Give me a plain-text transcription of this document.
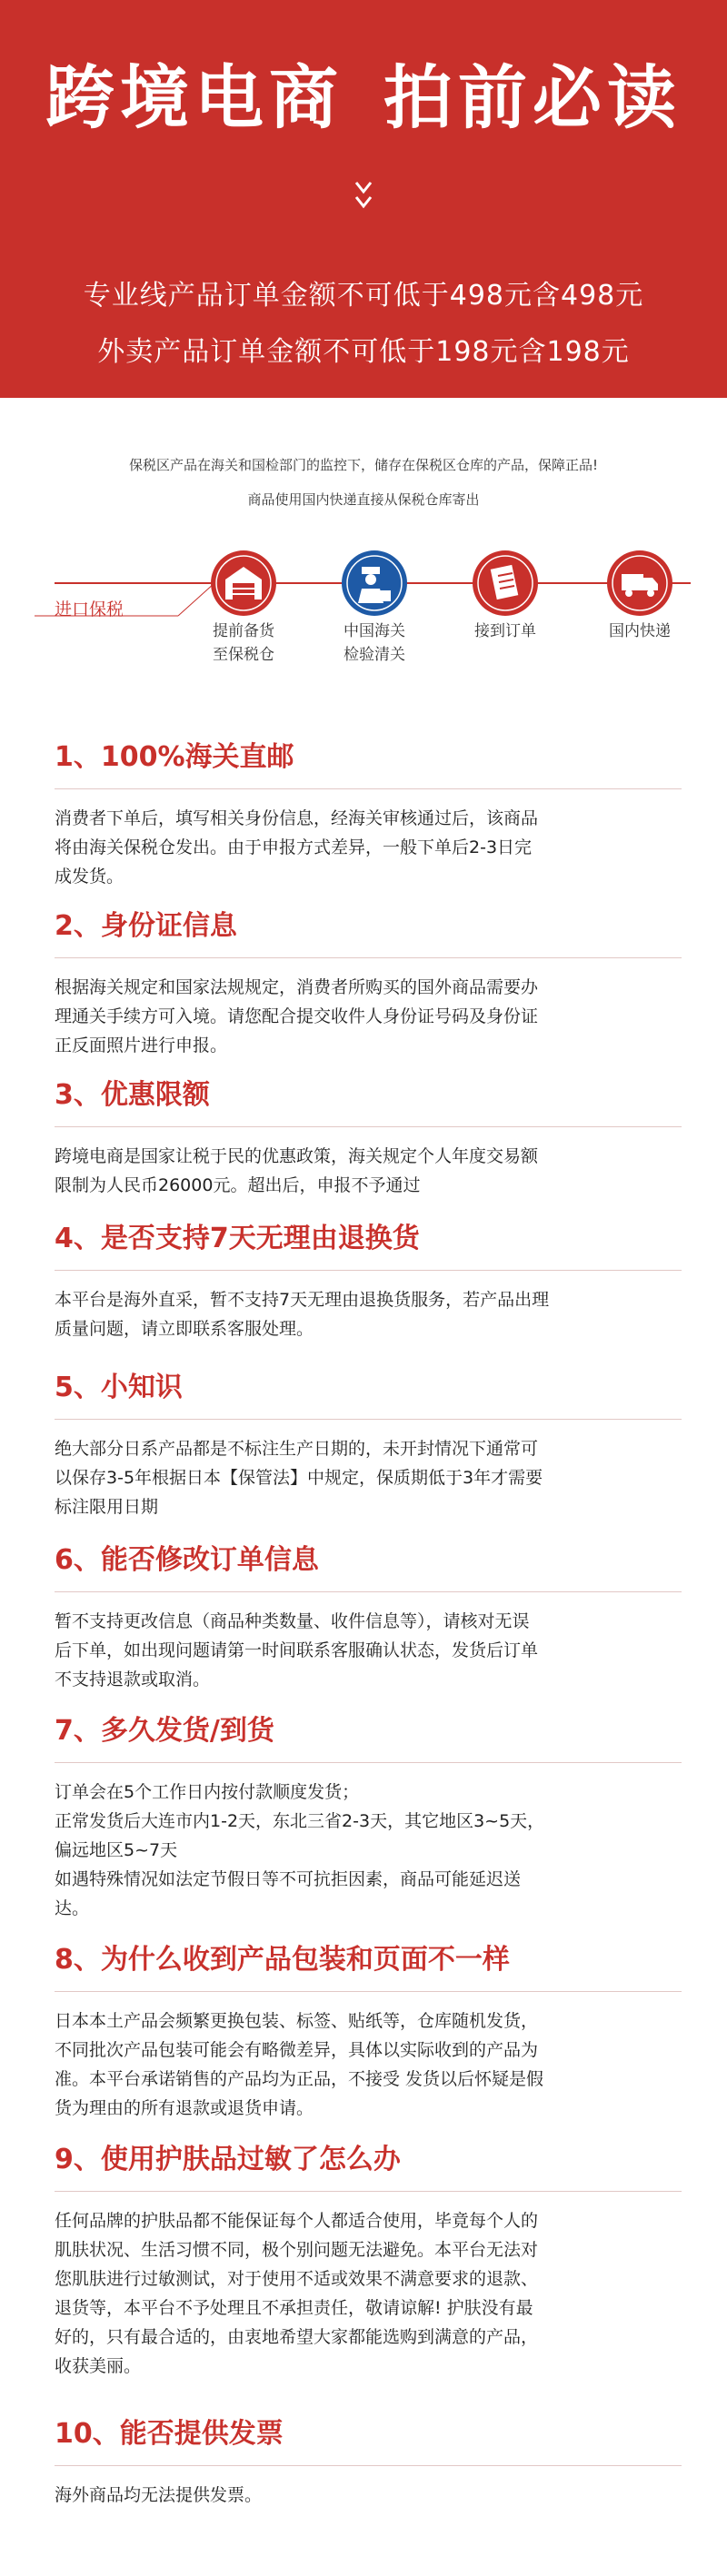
跨境电商 拍前必读
专业线产品订单金额不可低于498元含498元
外卖产品订单金额不可低于198元含198元
保税区产品在海关和国检部门的监控下，储存在保税区仓库的产品，保障正品!
商品使用国内快递直接从保税仓库寄出
进口保税
提前备货
至保税仓
中国海关
检验清关
接到订单	国内快递
1、100%海关直邮

消费者下单后，填写相关身份信息，经海关审核通过后，该商品

将由海关保税仓发出。由于申报方式差异，一般下单后2-3日完

成发货。

2、身份证信息

根据海关规定和国家法规规定，消费者所购买的国外商品需要办

理通关手续方可入境。请您配合提交收件人身份证号码及身份证

正反面照片进行申报。

3、优惠限额

跨境电商是国家让税于民的优惠政策，海关规定个人年度交易额

限制为人民币26000元。超出后，申报不予通过

4、是否支持7天无理由退换货

本平台是海外直采，暂不支持7天无理由退换货服务，若产品出理

质量问题，请立即联系客服处理。

5、小知识

绝大部分日系产品都是不标注生产日期的，未开封情况下通常可

以保存3-5年根据日本【保管法】中规定，保质期低于3年才需要

标注限用日期

6、能否修改订单信息

暂不支持更改信息（商品种类数量、收件信息等），请核对无误

后下单，如出现问题请第一时间联系客服确认状态，发货后订单

不支持退款或取消。

7、多久发货/到货

订单会在5个工作日内按付款顺度发货；

正常发货后大连市内1-2天，东北三省2-3天，其它地区3~5天，

偏远地区5~7天

如遇特殊情况如法定节假日等不可抗拒因素，商品可能延迟送

达。

8、为什么收到产品包装和页面不一样

日本本土产品会频繁更换包装、标签、贴纸等，仓库随机发货，

不同批次产品包装可能会有略微差异，具体以实际收到的产品为

准。本平台承诺销售的产品均为正品，不接受 发货以后怀疑是假

货为理由的所有退款或退货申请。

9、使用护肤品过敏了怎么办

任何品牌的护肤品都不能保证每个人都适合使用，毕竟每个人的

肌肤状况、生活习惯不同，极个别问题无法避免。本平台无法对

您肌肤进行过敏测试，对于使用不适或效果不满意要求的退款、

退货等，本平台不予处理且不承担责任，敬请谅解! 护肤没有最

好的，只有最合适的，由衷地希望大家都能选购到满意的产品，

收获美丽。

10、能否提供发票

海外商品均无法提供发票。
